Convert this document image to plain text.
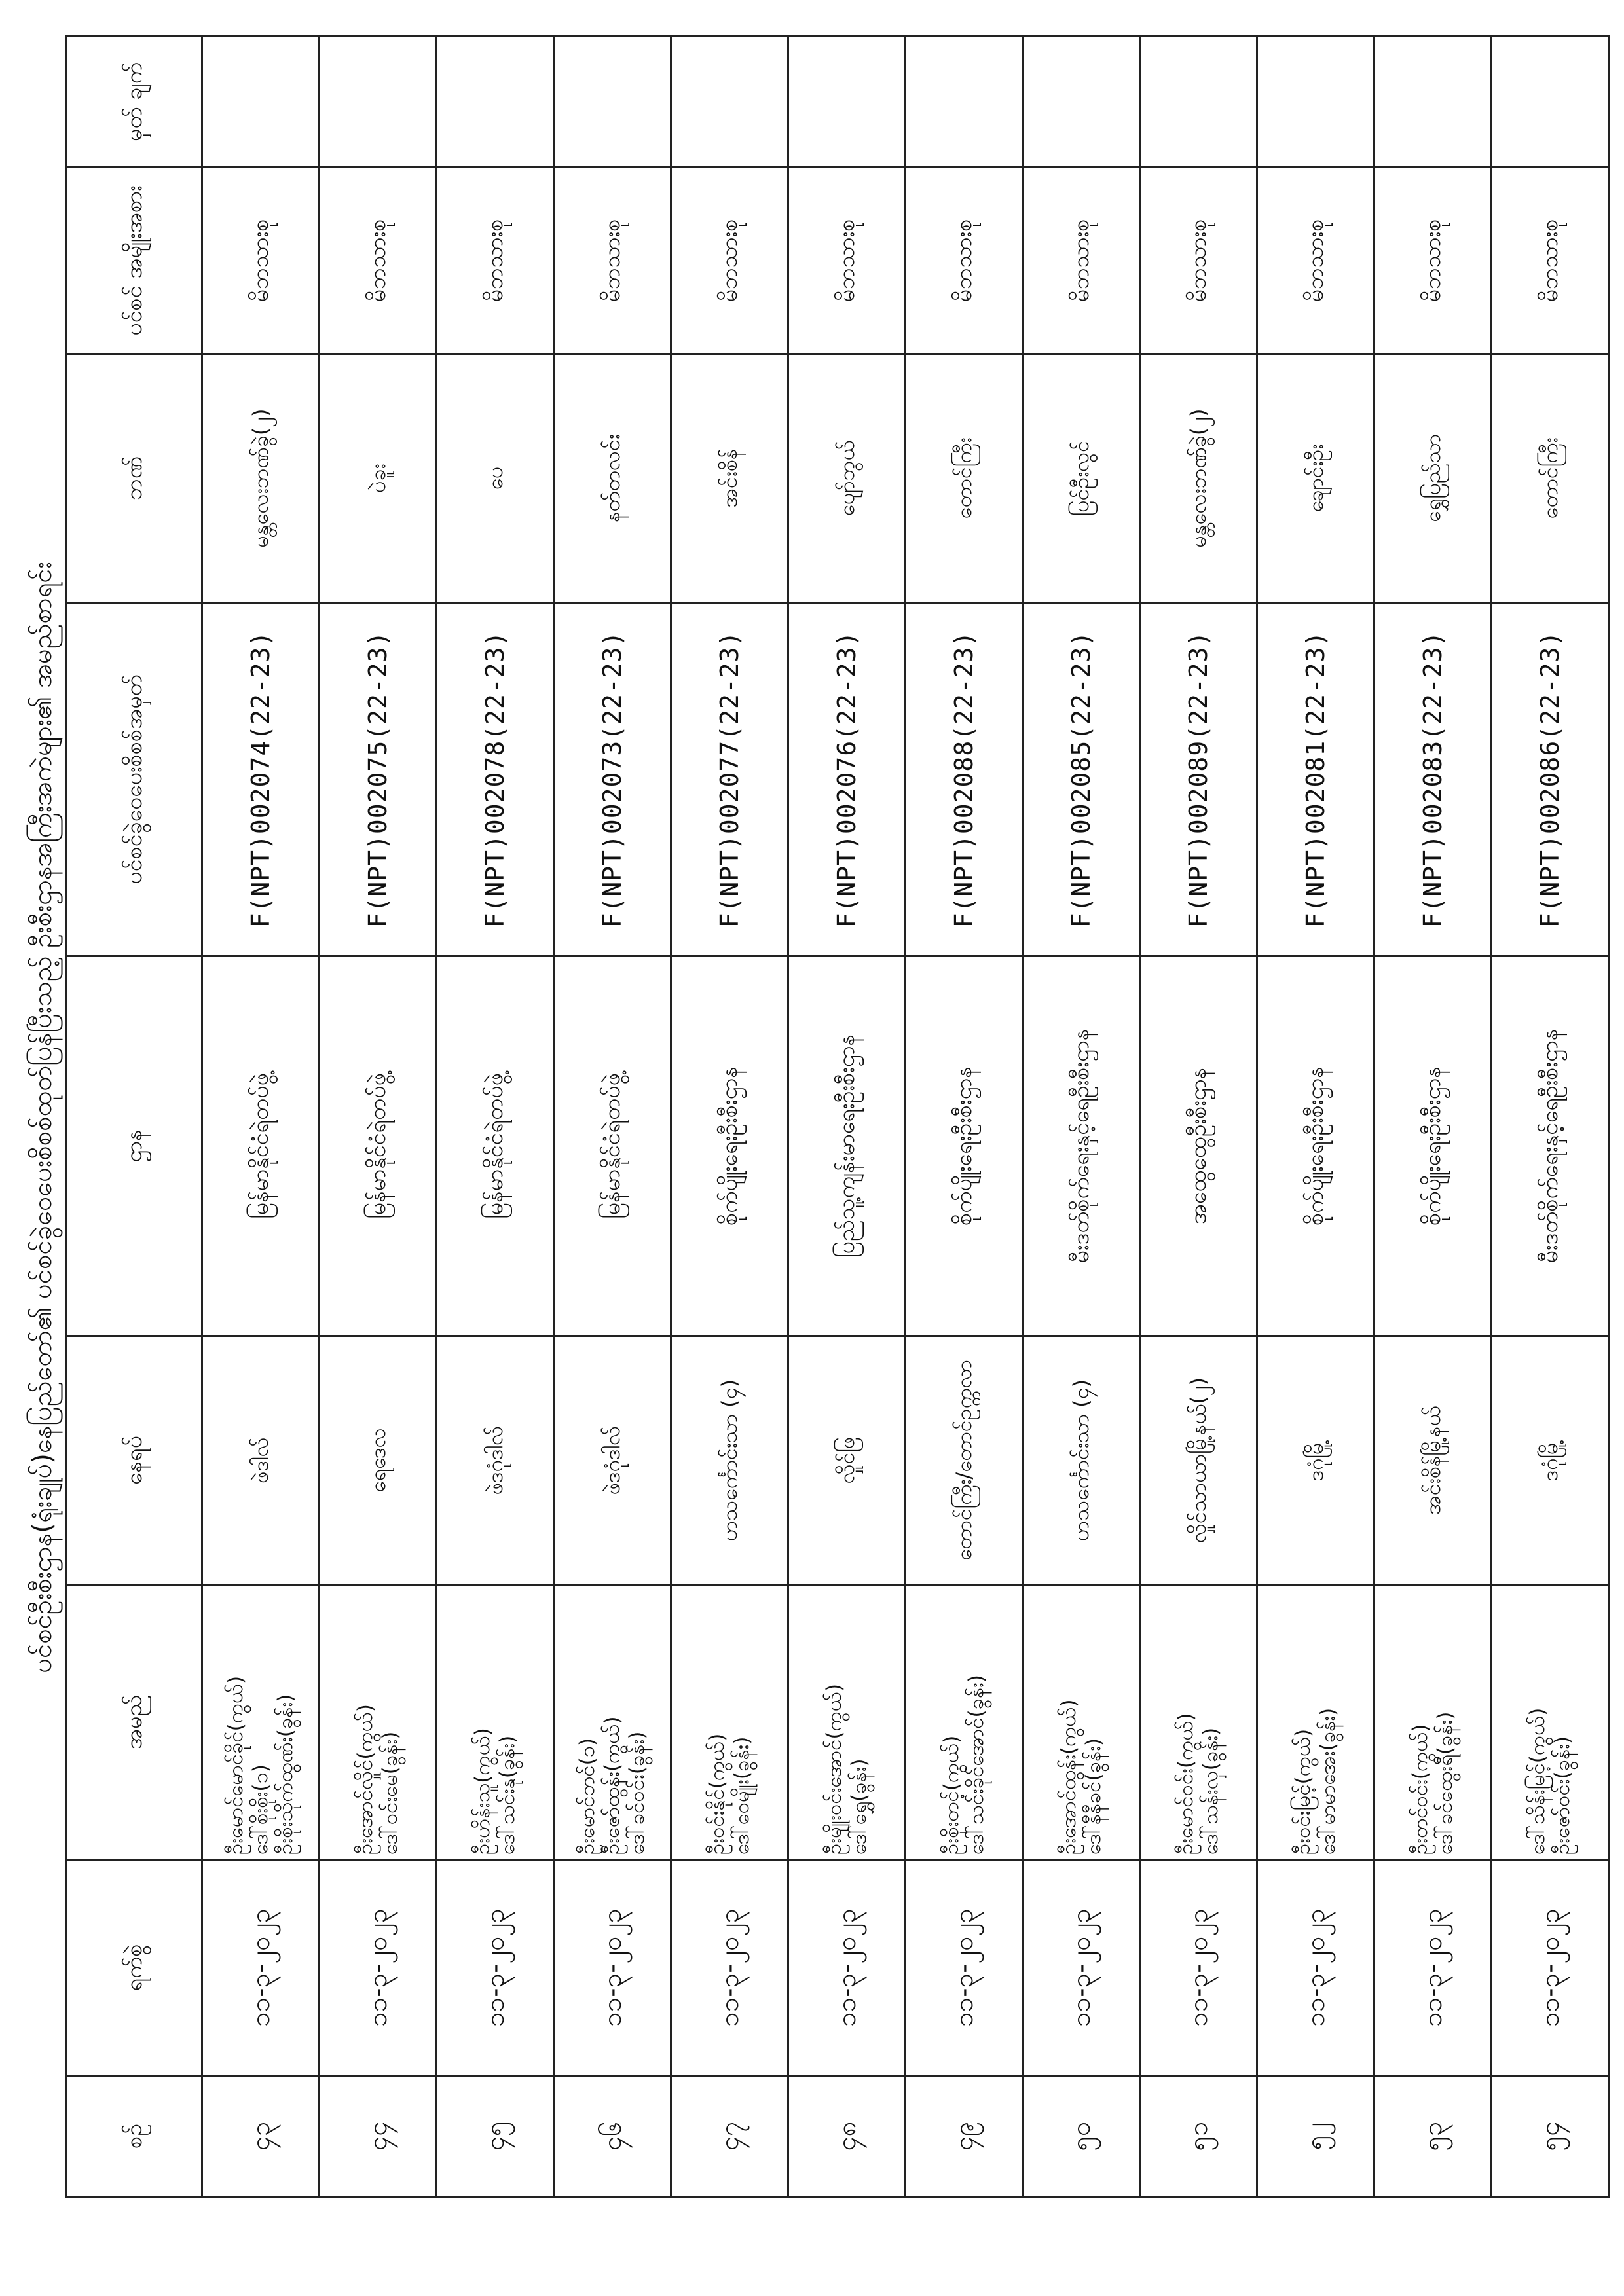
ပင်စင်ဦးစီးဌာန(ရုံးချုပ်)နေပြည်တော်၏ ပင်စင်ခွဲဝေပေးစိစစ်ထုတ်ပြန်ပြီးသည့် ဦးစီးဌာနအကြီးအကဲများ၏ အမည်စာရင်း
စဉ်	ရက်စွဲ	အမည်	နေရပ်	ဌာန	ပင်စင်ခွဲဝေပေးစိစစ်အမှတ်	ဘဏ်	ပင်စင် အမျိုးအစား	မှတ် ချက်
၄၃	၁၁-၃-၂၀၂၃	ဦးမောင်မောင်ခိုင်(ကွယ်) ဒေါ်စိုးစိုး(၁) ဦးစိုးသိုက်ထွဏ်း(ခွန်း)	ဖဲဒါလ်	မြန်မာနိုင်ငံရဲတပ်ဖွဲ့	F(NPT)002074(22-23)	မန္တလေးဘဏ်ခွဲ(၂)	မိဘ​သားစု	
၄၄	၁၁-၃-၂၀၂၃	ဦးအောင်လှိုင်(ကွယ်) ဒေါ်ဝင်းမေ(ခွန်း)	ရေဒေလ	မြန်မာနိုင်ငံရဲတပ်ဖွဲ့	F(NPT)002075(22-23)	ပဲခူး	မိဘ​သားစု	
၄၅	၁၁-၃-၂၀၂၃	ဦးဟိန်းသူ(ကွယ်) ဒေါ်သင်းနု(ခွန်း)	ဖဲဒဂုံဒါလ်	မြန်မာနိုင်ငံရဲတပ်ဖွဲ့	F(NPT)002078(22-23)	ပေ	မိဘ​သားစု	
၄၆	၁၁-၃-၂၀၂၃	ဦးမောင်ဘင်(၁) ဦးဇော်ထွန်း(ကွယ်) ဒေါ်ခင်ဝင်း(ခွန်း)	ဖဲဒဂုံဒါလ်	မြန်မာနိုင်ငံရဲတပ်ဖွဲ့	F(NPT)002073(22-23)	နတ်တလင်း	မိဘ​သားစု	
၄၇	၁၁-၃-၂၀၂၃	ဦးဝင်းနိုင်(ကွယ်) ဒေါ်ဝေမျိုး(ခွန်း)	ဟသင်္ကောင်းသာ (၄)	စိုက်ပျိုးရေးဦးစီးဌာန	F(NPT)002077(22-23)	အင်းစိန်	မိဘ​သားစု	
၄၈	၁၁-၃-၂၀၂၃	ဦးမျိုးဝင်းအောင်(ကွယ်) ဒေါ်ရွှေ(ခွန်း)	လှိုင်ဖြ	ပြည်သူ့ကျန်းမာရေးဦးစီးဌာန	F(NPT)002076(22-23)	ပျော်ဘွယ်	မိဘ​သားစု	
၄၉	၁၁-၃-၂၀၂၃	ဦးစိုးတင့်(ကွယ်) ဒေါ်သင်းခိုင်အောင်(ခွန်း)	တောင်ကြီး/တောင်ဥက္ကလာ	စိုက်ပျိုးရေးဦးစီးဌာန	F(NPT)002088(22-23)	တောင်ကြီး	မိဘ​သားစု	
၅၀	၁၁-၃-၂၀၂၃	ဦးအောင်ထွန်း(ကွယ်) ဒေါ်နီနီခင်(ခွန်း)	ဟသင်္ကောင်းသာ (၄)	မီးဒတ်စိုက်ရေးနှင့်ရေဦးစီးဌာန	F(NPT)002085(22-23)	ပြင်ဦးလွင်	မိဘ​သားစု	
၅၁	၁၁-၃-၂၀၂၃	ဦးမောင်ဝင်း(ကွယ်) ဒေါ်သန်းလှ(ခွန်း)	လှိုင်သာယာမြို့နယ်(၂)	အထွေထွေဦးစီးဌာန	F(NPT)002089(22-23)	မန္တလေးဘဏ်ခွဲ(၂)	မိဘ​သားစု	
၅၂	၁၁-၃-၂၀၂၃	ဦးဝင်းမြင့်(ကွယ်) ဒေါ်မာမာအေး(ခွန်း)	ဒဂုံမြို့	စိုက်ပျိုးရေးဦးစီးဌာန	F(NPT)002081(22-23)	ချောင်းဦး	မိဘ​သားစု	
၅၃	၁၁-၃-၂၀၂၃	ဦးတင်ဝင်း(ကွယ်) ဒေါ်ခင်ထွေးရီ(ခွန်း)	အင်းစိန်မြို့နယ်	စိုက်ပျိုးရေးဦးစီးဌာန	F(NPT)002083(22-23)	ရွှေပြည်သာ	မိဘ​သားစု	
၅၄	၁၁-၃-၂၀၂၃	ဒေါ်သိန်းမြင့်(ကွယ်) ဦးဇော်ဝင်း(ခွန်း)	ဒဂုံမြို့	မီးဒတ်စိုက်ရေးနှင့်ရေဦးစီးဌာန	F(NPT)002086(22-23)	တောင်ကြီး	မိဘ​သားစု	
